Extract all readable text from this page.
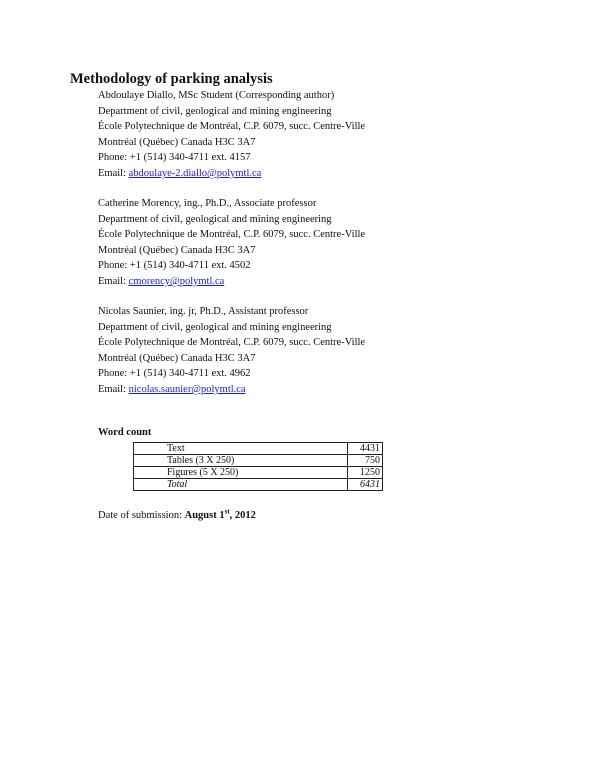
Methodology of parking analysis
Abdoulaye Diallo, MSc Student (Corresponding author)
Department of civil, geological and mining engineering
École Polytechnique de Montréal, C.P. 6079, succ. Centre-Ville
Montréal (Québec) Canada H3C 3A7
Phone: +1 (514) 340-4711 ext. 4157
Email: abdoulaye-2.diallo@polymtl.ca
Catherine Morency, ing., Ph.D., Associate professor
Department of civil, geological and mining engineering
École Polytechnique de Montréal, C.P. 6079, succ. Centre-Ville
Montréal (Québec) Canada H3C 3A7
Phone: +1 (514) 340-4711 ext. 4502
Email: cmorency@polymtl.ca
Nicolas Saunier, ing. jr, Ph.D., Assistant professor
Department of civil, geological and mining engineering
École Polytechnique de Montréal, C.P. 6079, succ. Centre-Ville
Montréal (Québec) Canada H3C 3A7
Phone: +1 (514) 340-4711 ext. 4962
Email: nicolas.saunier@polymtl.ca
Word count
Text	4431
Tables (3 X 250)	750
Figures (5 X 250)	1250
Total	6431
Date of submission: August 1st, 2012
